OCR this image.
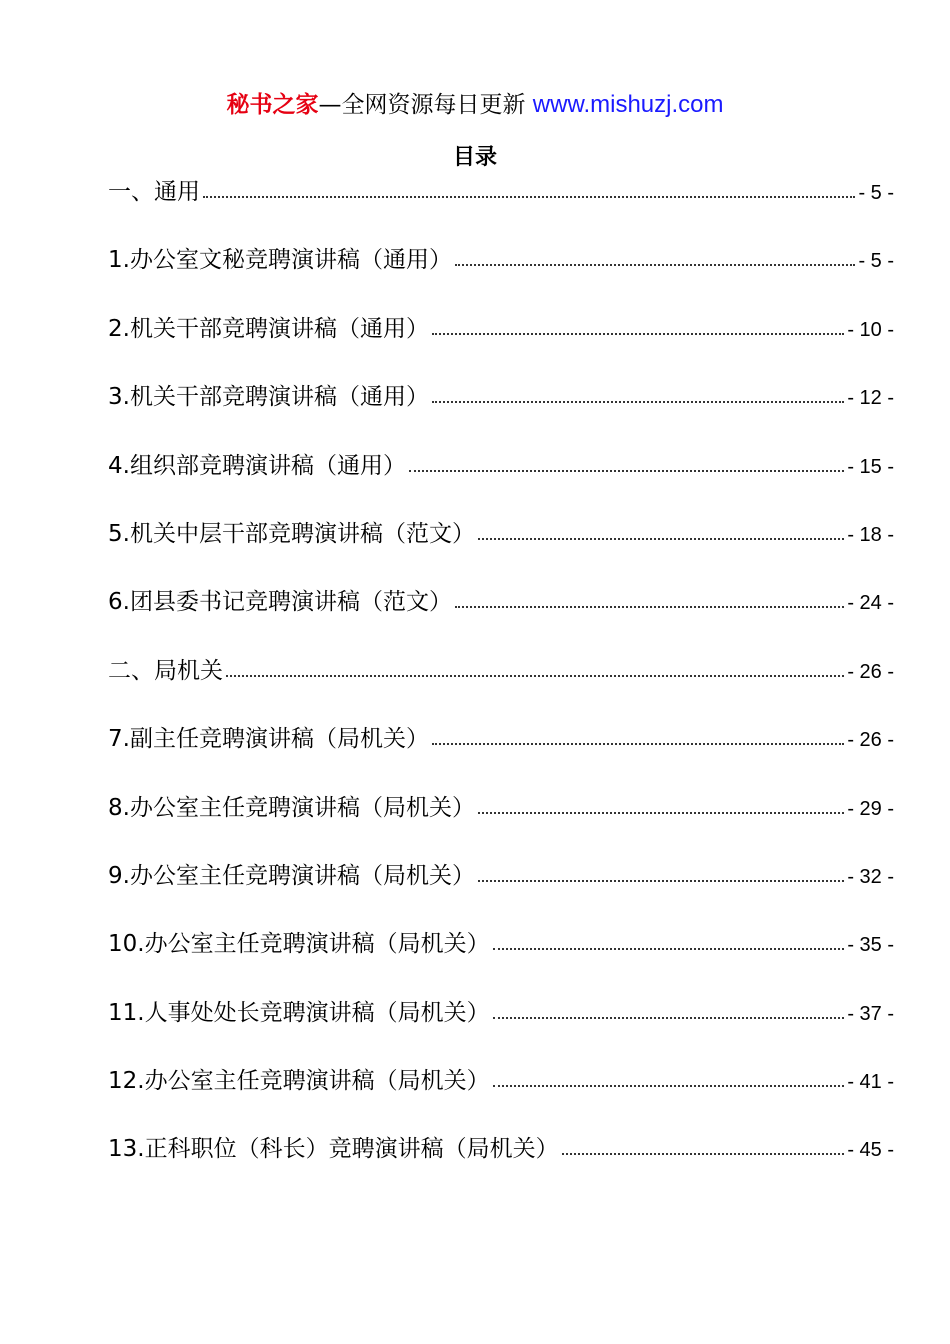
秘书之家—全网资源每日更新 www.mishuzj.com
目录
一、通用	- 5 -
1.办公室文秘竞聘演讲稿（通用）	- 5 -
2.机关干部竞聘演讲稿（通用）	- 10 -
3.机关干部竞聘演讲稿（通用）	- 12 -
4.组织部竞聘演讲稿（通用）	- 15 -
5.机关中层干部竞聘演讲稿（范文）	- 18 -
6.团县委书记竞聘演讲稿（范文）	- 24 -
二、局机关	- 26 -
7.副主任竞聘演讲稿（局机关）	- 26 -
8.办公室主任竞聘演讲稿（局机关）	- 29 -
9.办公室主任竞聘演讲稿（局机关）	- 32 -
10.办公室主任竞聘演讲稿（局机关）	- 35 -
11.人事处处长竞聘演讲稿（局机关）	- 37 -
12.办公室主任竞聘演讲稿（局机关）	- 41 -
13.正科职位（科长）竞聘演讲稿（局机关）	- 45 -
